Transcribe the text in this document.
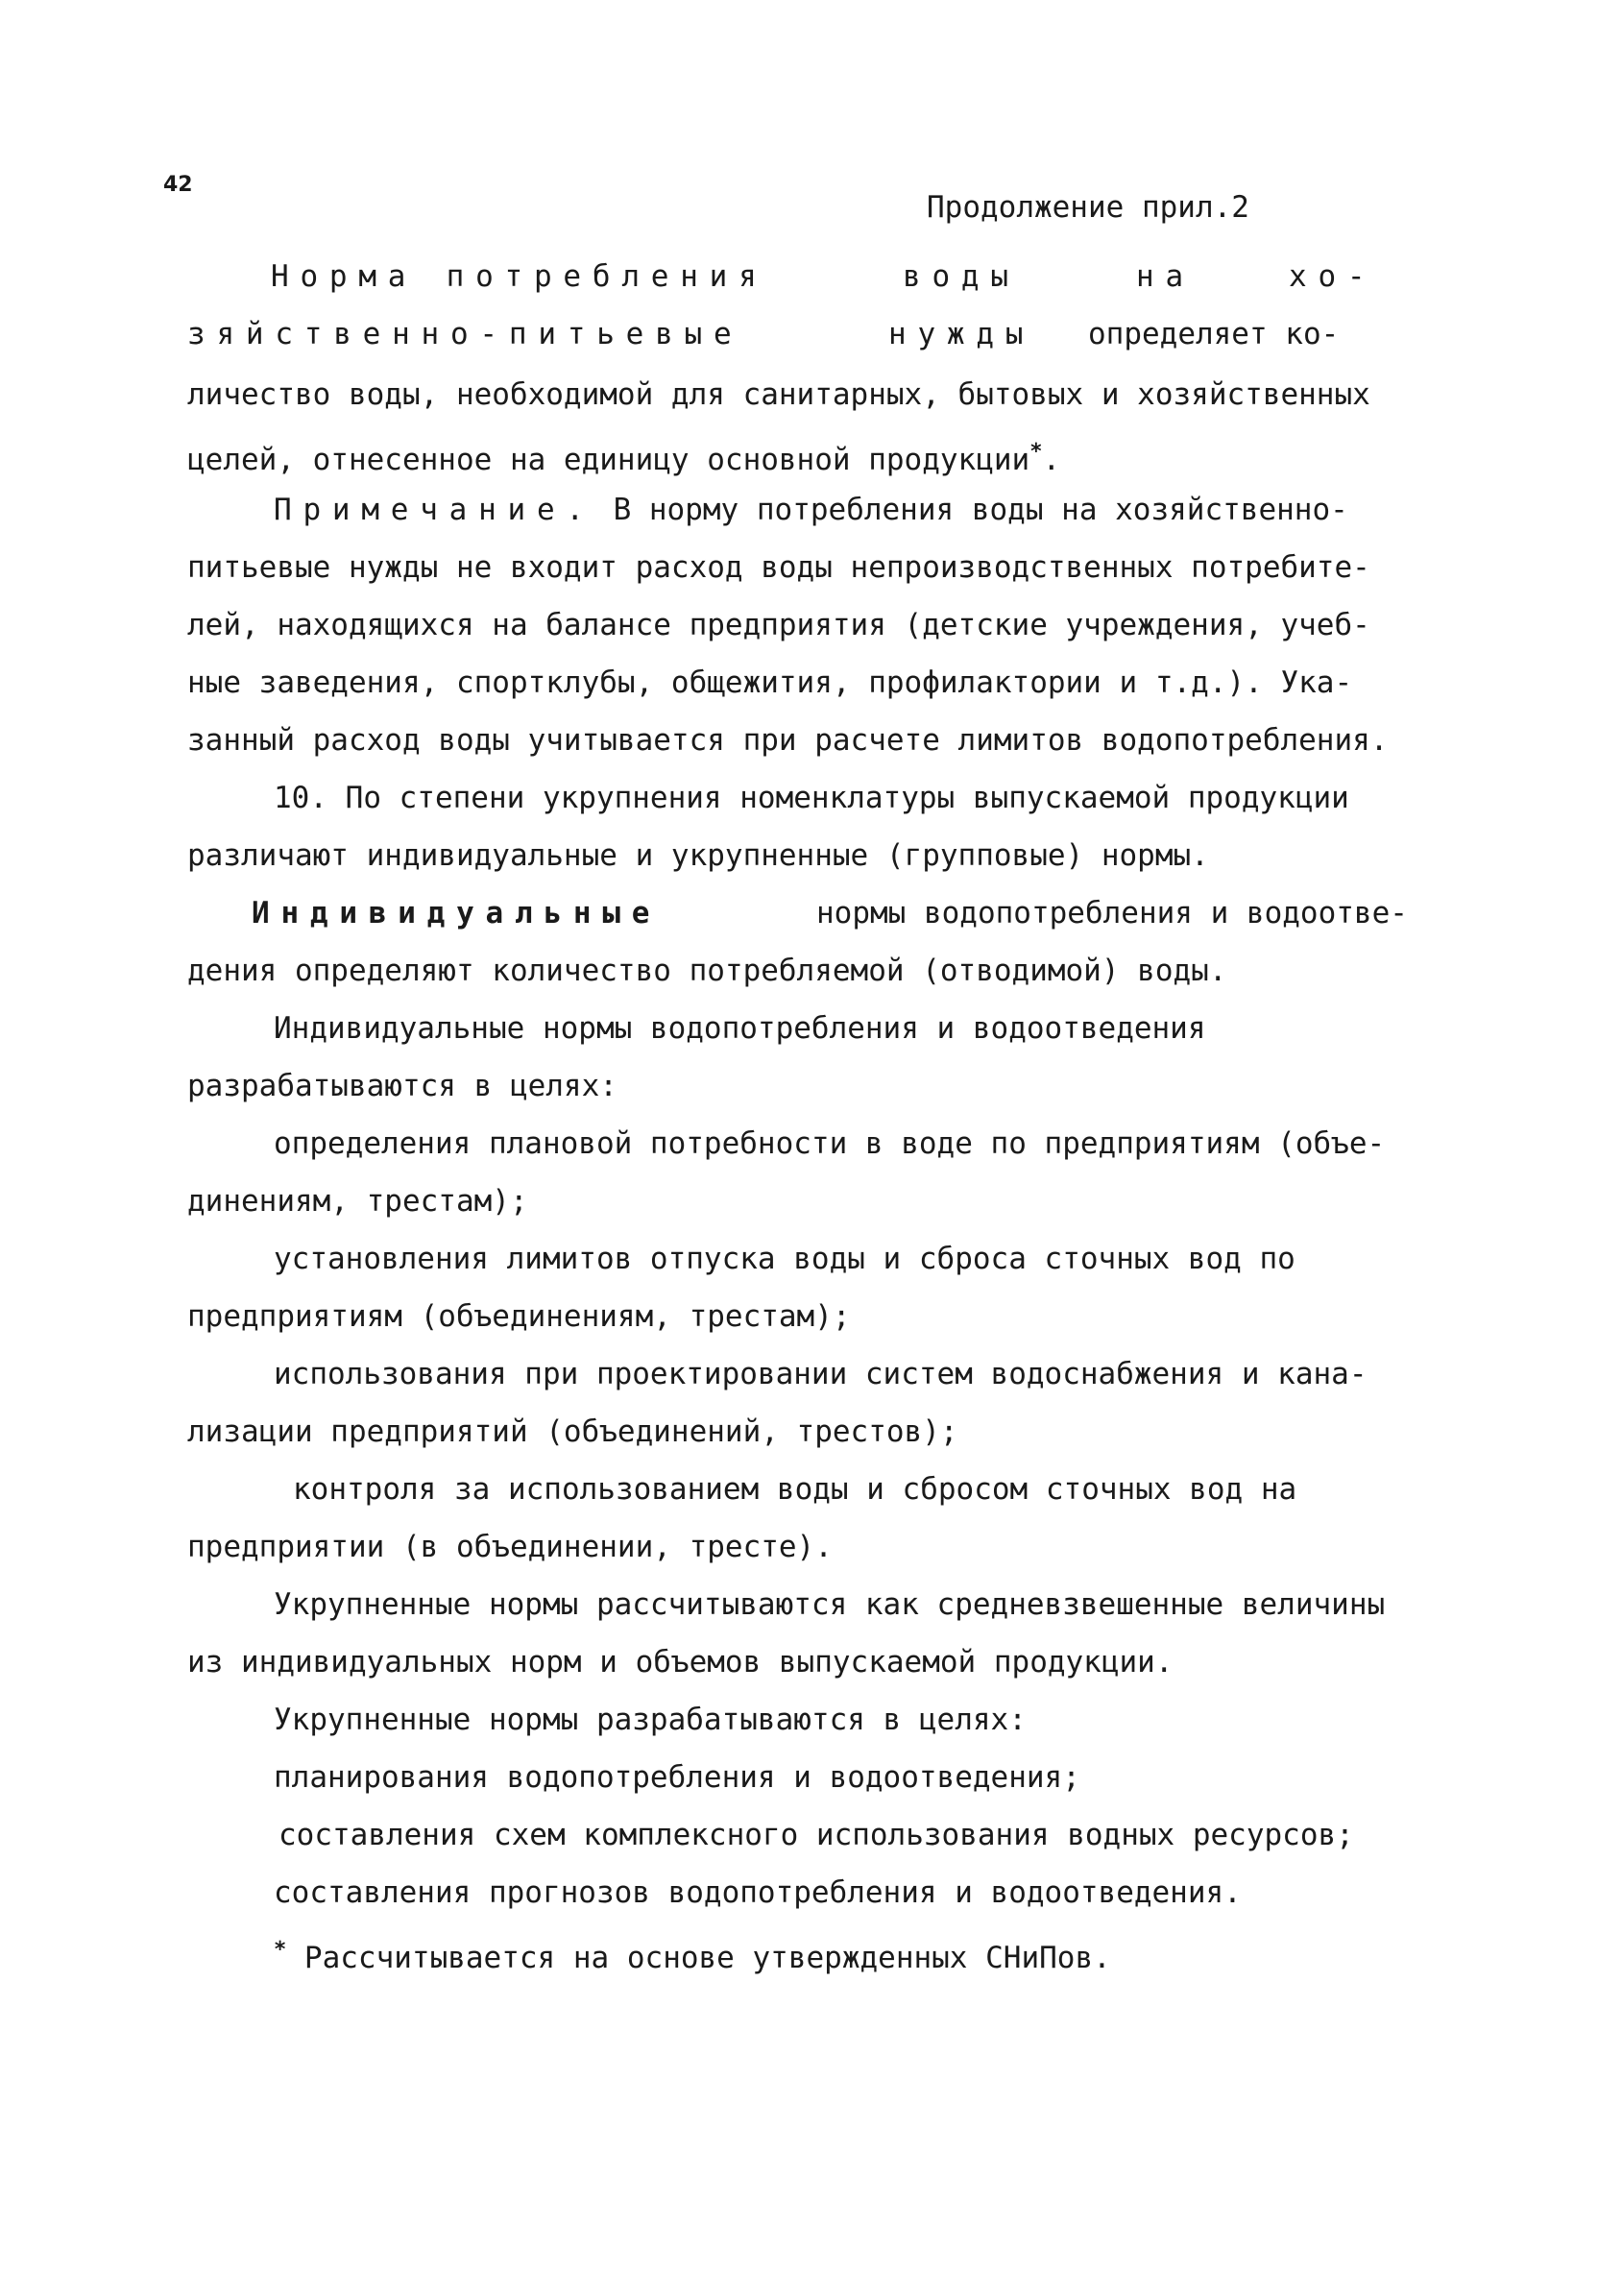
42
Продолжение прил.2
Норма потребления	воды	на	хо-
зяйственно-питьевые	нужды определяет ко-
личество воды, необходимой для санитарных, бытовых и хозяйственных
целей, отнесенное на единицу основной продукции*.
Примечание. В норму потребления воды на хозяйственно-
питьевые нужды не входит расход воды непроизводственных потребите-
лей, находящихся на балансе предприятия (детские учреждения, учеб-
ные заведения, спортклубы, общежития, профилактории и т.д.). Ука-
занный расход воды учитывается при расчете лимитов водопотребления.
10. По степени укрупнения номенклатуры выпускаемой продукции
различают индивидуальные и укрупненные (групповые) нормы.
Индивидуальные	нормы водопотребления и водоотве-
дения определяют количество потребляемой (отводимой) воды.
Индивидуальные нормы водопотребления и водоотведения
разрабатываются в целях:
определения плановой потребности в воде по предприятиям (объе-
динениям, трестам);
установления лимитов отпуска воды и сброса сточных вод по
предприятиям (объединениям, трестам);
использования при проектировании систем водоснабжения и кана-
лизации предприятий (объединений, трестов);
контроля за использованием воды и сбросом сточных вод на
предприятии (в объединении, тресте).
Укрупненные нормы рассчитываются как средневзвешенные величины
из индивидуальных норм и объемов выпускаемой продукции.
Укрупненные нормы разрабатываются в целях:
планирования водопотребления и водоотведения;
составления схем комплексного использования водных ресурсов;
составления прогнозов водопотребления и водоотведения.
* Рассчитывается на основе утвержденных СНиПов.
